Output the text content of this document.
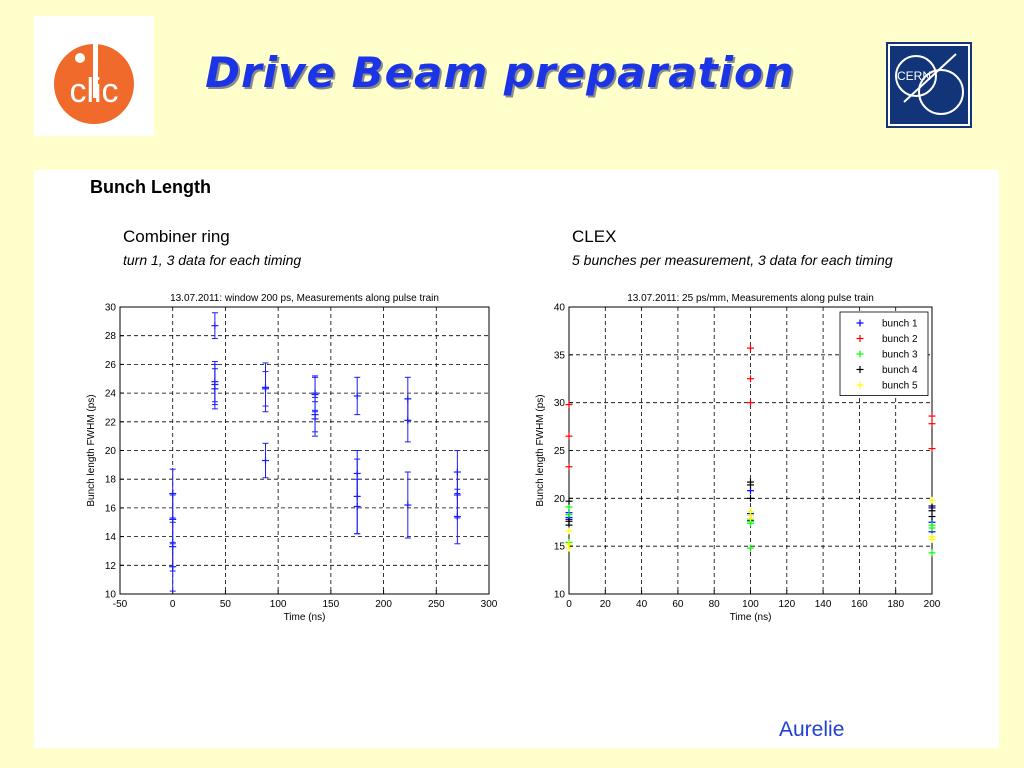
clic	Drive Beam preparation	CERN
Bunch Length
Combiner ring
turn 1, 3 data for each timing
CLEX
5 bunches per measurement, 3 data for each timing
-50	0	50	100	150	200	250	300
10
12
14
16
18
20
22
24
26
28
30
13.07.2011: window 200 ps, Measurements along pulse train
Time (ns)
Bunch length FWHM (ps)
0	20	40	60	80 100 120 140 160 180 200
10
15
20
25
30
35
40
13.07.2011: 25 ps/mm, Measurements along pulse train
Time (ns)
Bunch length FWHM (ps)
bunch 1
bunch 2
bunch 3
bunch 4
bunch 5
Aurelie
